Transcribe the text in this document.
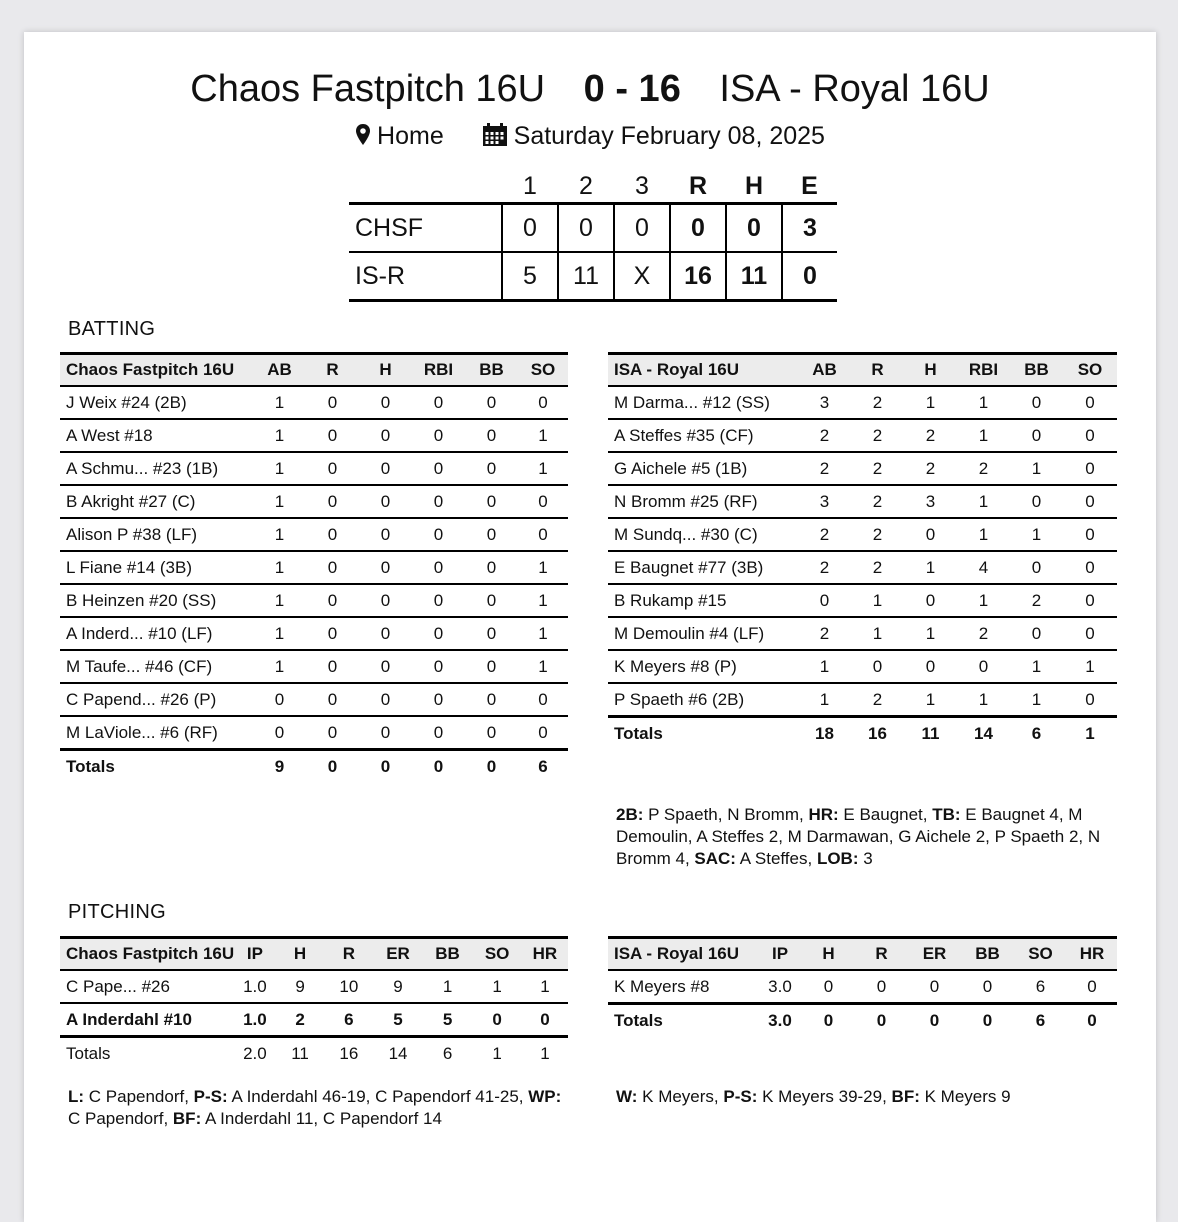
Chaos Fastpitch 16U 0 - 16 ISA - Royal 16U
Home	Saturday February 08, 2025
	1	2	3	R	H	E
CHSF	0	0	0	0	0	3
IS-R	5	11	X	16	11	0
BATTING
Chaos Fastpitch 16U	AB	R	H	RBI	BB	SO
J Weix #24 (2B)	1	0	0	0	0	0
A West #18	1	0	0	0	0	1
A Schmu... #23 (1B)	1	0	0	0	0	1
B Akright #27 (C)	1	0	0	0	0	0
Alison P #38 (LF)	1	0	0	0	0	0
L Fiane #14 (3B)	1	0	0	0	0	1
B Heinzen #20 (SS)	1	0	0	0	0	1
A Inderd... #10 (LF)	1	0	0	0	0	1
M Taufe... #46 (CF)	1	0	0	0	0	1
C Papend... #26 (P)	0	0	0	0	0	0
M LaViole... #6 (RF)	0	0	0	0	0	0
Totals	9	0	0	0	0	6
ISA - Royal 16U	AB	R	H	RBI	BB	SO
M Darma... #12 (SS)	3	2	1	1	0	0
A Steffes #35 (CF)	2	2	2	1	0	0
G Aichele #5 (1B)	2	2	2	2	1	0
N Bromm #25 (RF)	3	2	3	1	0	0
M Sundq... #30 (C)	2	2	0	1	1	0
E Baugnet #77 (3B)	2	2	1	4	0	0
B Rukamp #15	0	1	0	1	2	0
M Demoulin #4 (LF)	2	1	1	2	0	0
K Meyers #8 (P)	1	0	0	0	1	1
P Spaeth #6 (2B)	1	2	1	1	1	0
Totals	18	16	11	14	6	1
2B: P Spaeth, N Bromm, HR: E Baugnet, TB: E Baugnet 4, M Demoulin, A Steffes 2, M Darmawan, G Aichele 2, P Spaeth 2, N Bromm 4, SAC: A Steffes, LOB: 3
PITCHING
Chaos Fastpitch 16U	IP	H	R	ER	BB	SO	HR
C Pape... #26	1.0	9	10	9	1	1	1
A Inderdahl #10	1.0	2	6	5	5	0	0
Totals	2.0	11	16	14	6	1	1
ISA - Royal 16U	IP	H	R	ER	BB	SO	HR
K Meyers #8	3.0	0	0	0	0	6	0
Totals	3.0	0	0	0	0	6	0
L: C Papendorf, P-S: A Inderdahl 46-19, C Papendorf 41-25, WP: C Papendorf, BF: A Inderdahl 11, C Papendorf 14
W: K Meyers, P-S: K Meyers 39-29, BF: K Meyers 9
